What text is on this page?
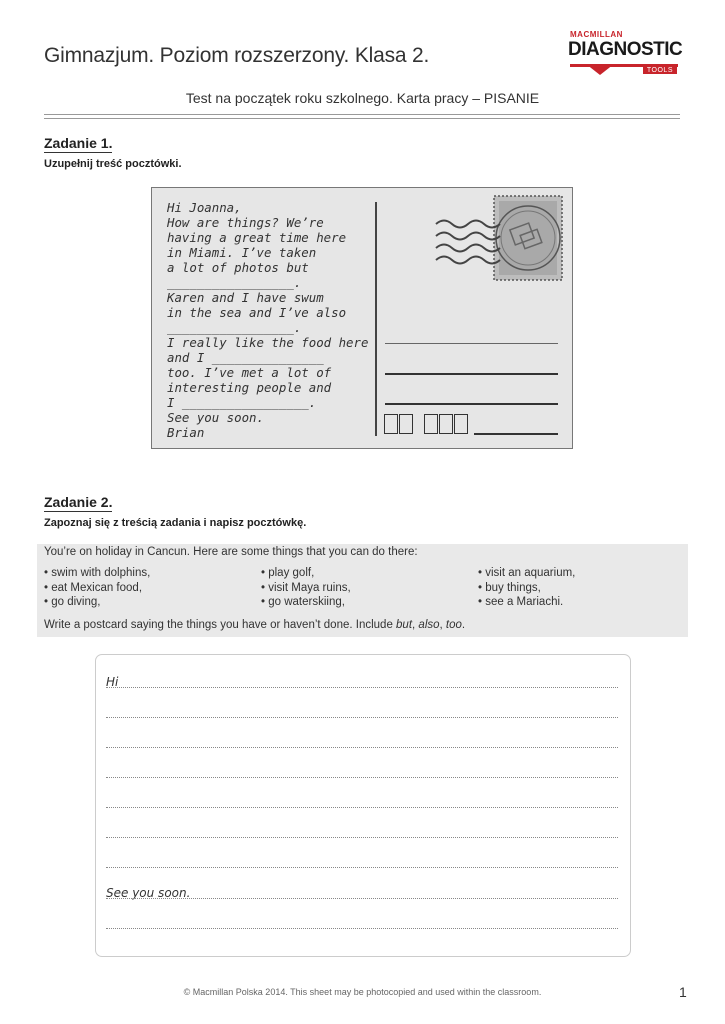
Gimnazjum. Poziom rozszerzony. Klasa 2.
MACMILLAN
DIAGNOSTIC
TOOLS
Test na początek roku szkolnego. Karta pracy – PISANIE
Zadanie 1.
Uzupełnij treść pocztówki.
Hi Joanna,
How are things? We’re
having a great time here
in Miami. I’ve taken
a lot of photos but
_________________.
Karen and I have swum
in the sea and I’ve also
_________________.
I really like the food here
and I _______________
too. I’ve met a lot of
interesting people and
I _________________.
See you soon.
Brian
Zadanie 2.
Zapoznaj się z treścią zadania i napisz pocztówkę.
You’re on holiday in Cancun. Here are some things that you can do there:
• swim with dolphins,
• eat Mexican food,
• go diving,
• play golf,
• visit Maya ruins,
• go waterskiing,
• visit an aquarium,
• buy things,
• see a Mariachi.
Write a postcard saying the things you have or haven’t done. Include but, also, too.
Hi
See you soon.
© Macmillan Polska 2014. This sheet may be photocopied and used within the classroom.	1
